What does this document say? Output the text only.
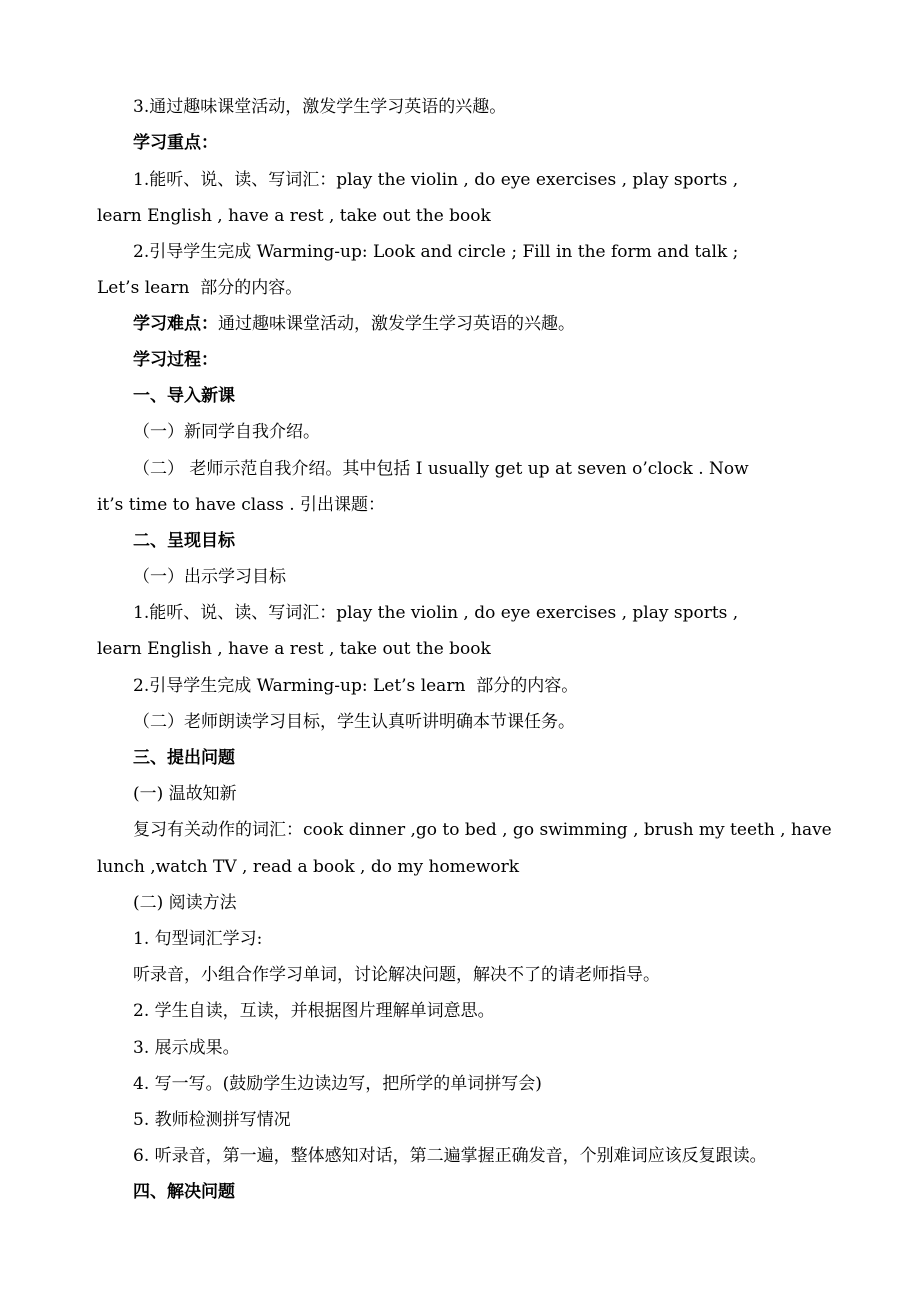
3.通过趣味课堂活动，激发学生学习英语的兴趣。
学习重点：
1.能听、说、读、写词汇：play the violin , do eye exercises , play sports ,
learn English , have a rest , take out the book
2.引导学生完成 Warming-up: Look and circle ; Fill in the form and talk ;
Let’s learn  部分的内容。
学习难点：通过趣味课堂活动，激发学生学习英语的兴趣。
学习过程：
一、导入新课
（一）新同学自我介绍。
（二） 老师示范自我介绍。其中包括 I usually get up at seven o’clock . Now
it’s time to have class . 引出课题：
二、呈现目标
（一）出示学习目标
1.能听、说、读、写词汇：play the violin , do eye exercises , play sports ,
learn English , have a rest , take out the book
2.引导学生完成 Warming-up: Let’s learn  部分的内容。
（二）老师朗读学习目标，学生认真听讲明确本节课任务。
三、提出问题
(一) 温故知新
复习有关动作的词汇：cook dinner ,go to bed , go swimming , brush my teeth , have
lunch ,watch TV , read a book , do my homework
(二) 阅读方法
1. 句型词汇学习:
听录音，小组合作学习单词，讨论解决问题，解决不了的请老师指导。
2. 学生自读，互读，并根据图片理解单词意思。
3. 展示成果。
4. 写一写。(鼓励学生边读边写，把所学的单词拼写会)
5. 教师检测拼写情况
6. 听录音，第一遍，整体感知对话，第二遍掌握正确发音，个别难词应该反复跟读。
四、解决问题
